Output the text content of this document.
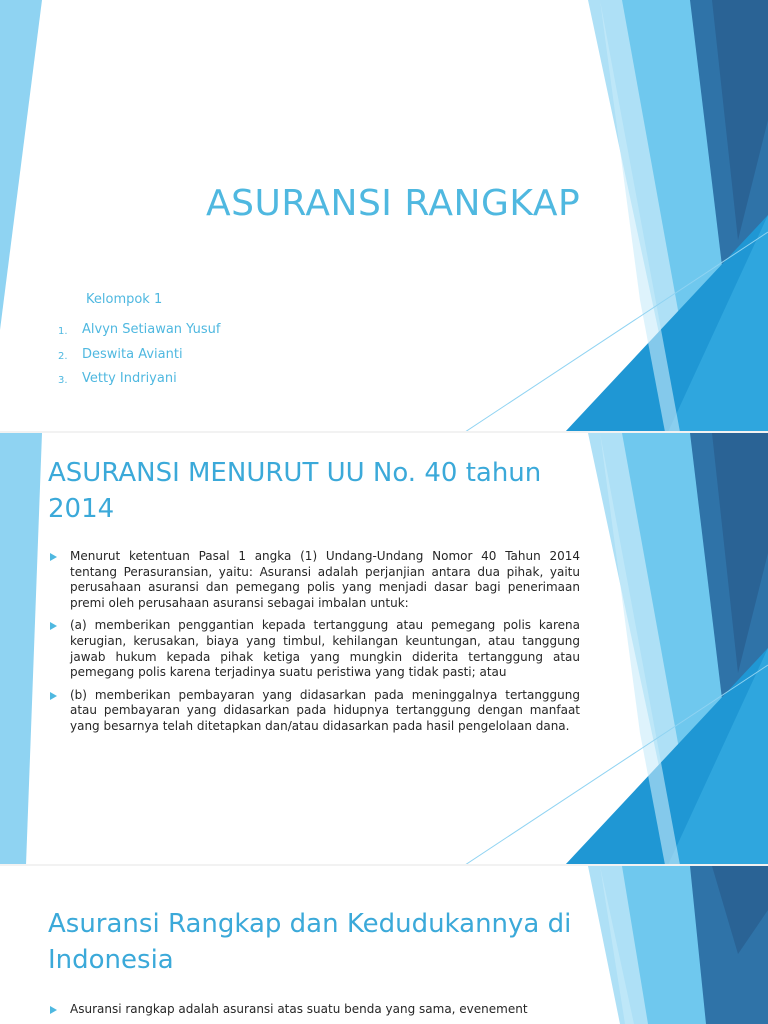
ASURANSI RANGKAP
Kelompok 1
1. Alvyn Setiawan Yusuf
2. Deswita Avianti
3. Vetty Indriyani
ASURANSI MENURUT UU No. 40 tahun 2014
Menurut ketentuan Pasal 1 angka (1) Undang-Undang Nomor 40 Tahun 2014 tentang Perasuransian, yaitu: Asuransi adalah perjanjian antara dua pihak, yaitu perusahaan asuransi dan pemegang polis yang menjadi dasar bagi penerimaan premi oleh perusahaan asuransi sebagai imbalan untuk:
(a) memberikan penggantian kepada tertanggung atau pemegang polis karena kerugian, kerusakan, biaya yang timbul, kehilangan keuntungan, atau tanggung jawab hukum kepada pihak ketiga yang mungkin diderita tertanggung atau pemegang polis karena terjadinya suatu peristiwa yang tidak pasti; atau
(b) memberikan pembayaran yang didasarkan pada meninggalnya tertanggung atau pembayaran yang didasarkan pada hidupnya tertanggung dengan manfaat yang besarnya telah ditetapkan dan/atau didasarkan pada hasil pengelolaan dana.
Asuransi Rangkap dan Kedudukannya di Indonesia
Asuransi rangkap adalah asuransi atas suatu benda yang sama, evenement
